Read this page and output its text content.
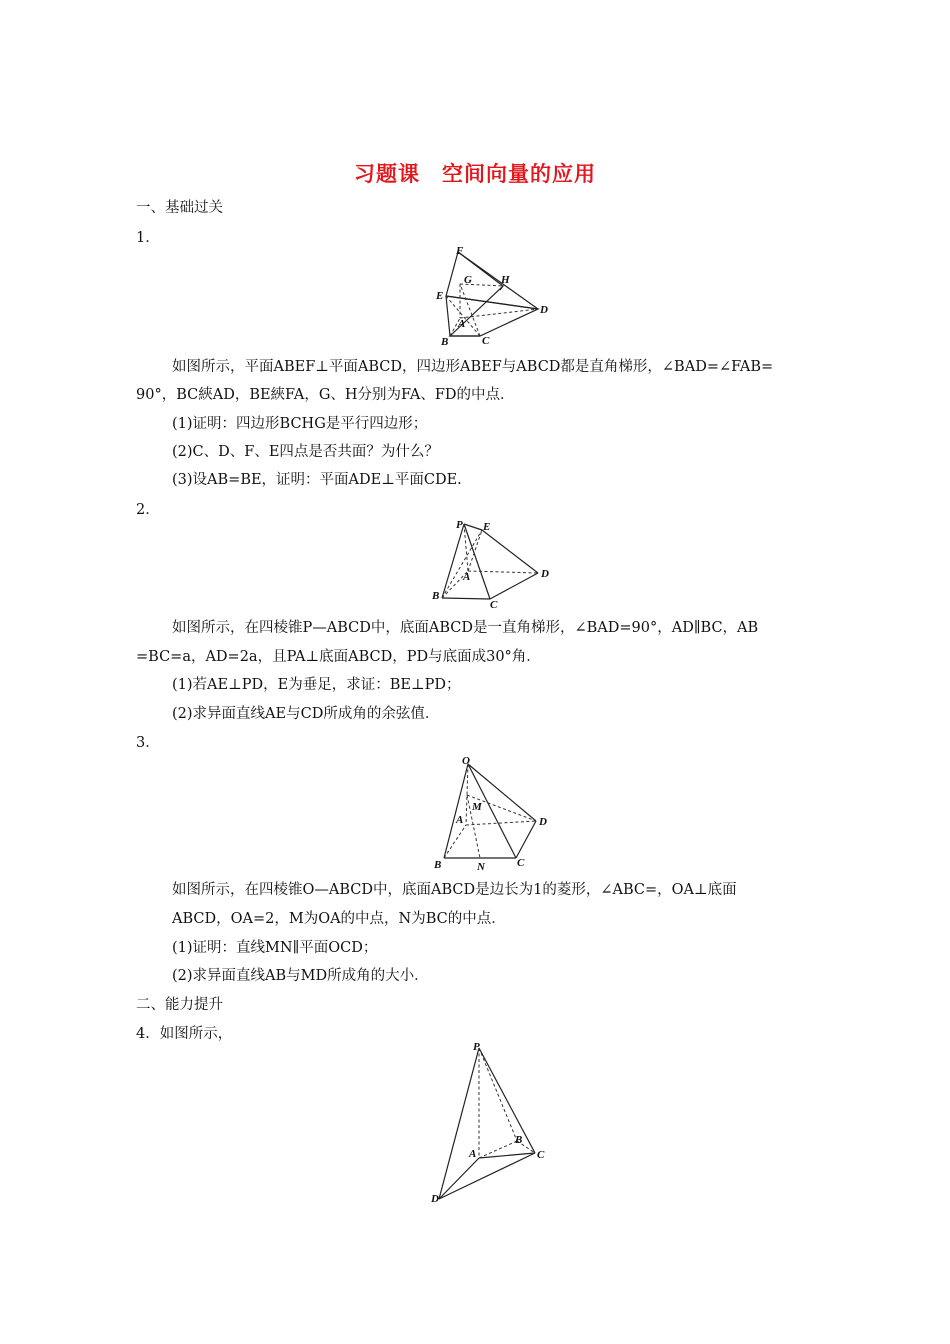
习题课　空间向量的应用
一、基础过关
1．
F
G	H
E
D
A
B	C
如图所示，平面ABEF⊥平面ABCD，四边形ABEF与ABCD都是直角梯形，∠BAD=∠FAB=
90°，BC綊AD，BE綊FA，G、H分别为FA、FD的中点．
(1)证明：四边形BCHG是平行四边形；
(2)C、D、F、E四点是否共面？为什么？
(3)设AB=BE，证明：平面ADE⊥平面CDE.
2．
P E
A	D
B
C
如图所示，在四棱锥P—ABCD中，底面ABCD是一直角梯形，∠BAD=90°，AD∥BC，AB
=BC=a，AD=2a，且PA⊥底面ABCD，PD与底面成30°角．
(1)若AE⊥PD，E为垂足，求证：BE⊥PD；
(2)求异面直线AE与CD所成角的余弦值．
3．
O
M
A	D
B	N	C
如图所示，在四棱锥O—ABCD中，底面ABCD是边长为1的菱形，∠ABC=，OA⊥底面
ABCD，OA=2，M为OA的中点，N为BC的中点．
(1)证明：直线MN∥平面OCD；
(2)求异面直线AB与MD所成角的大小．
二、能力提升
4．如图所示，
P
B
A	C
D
